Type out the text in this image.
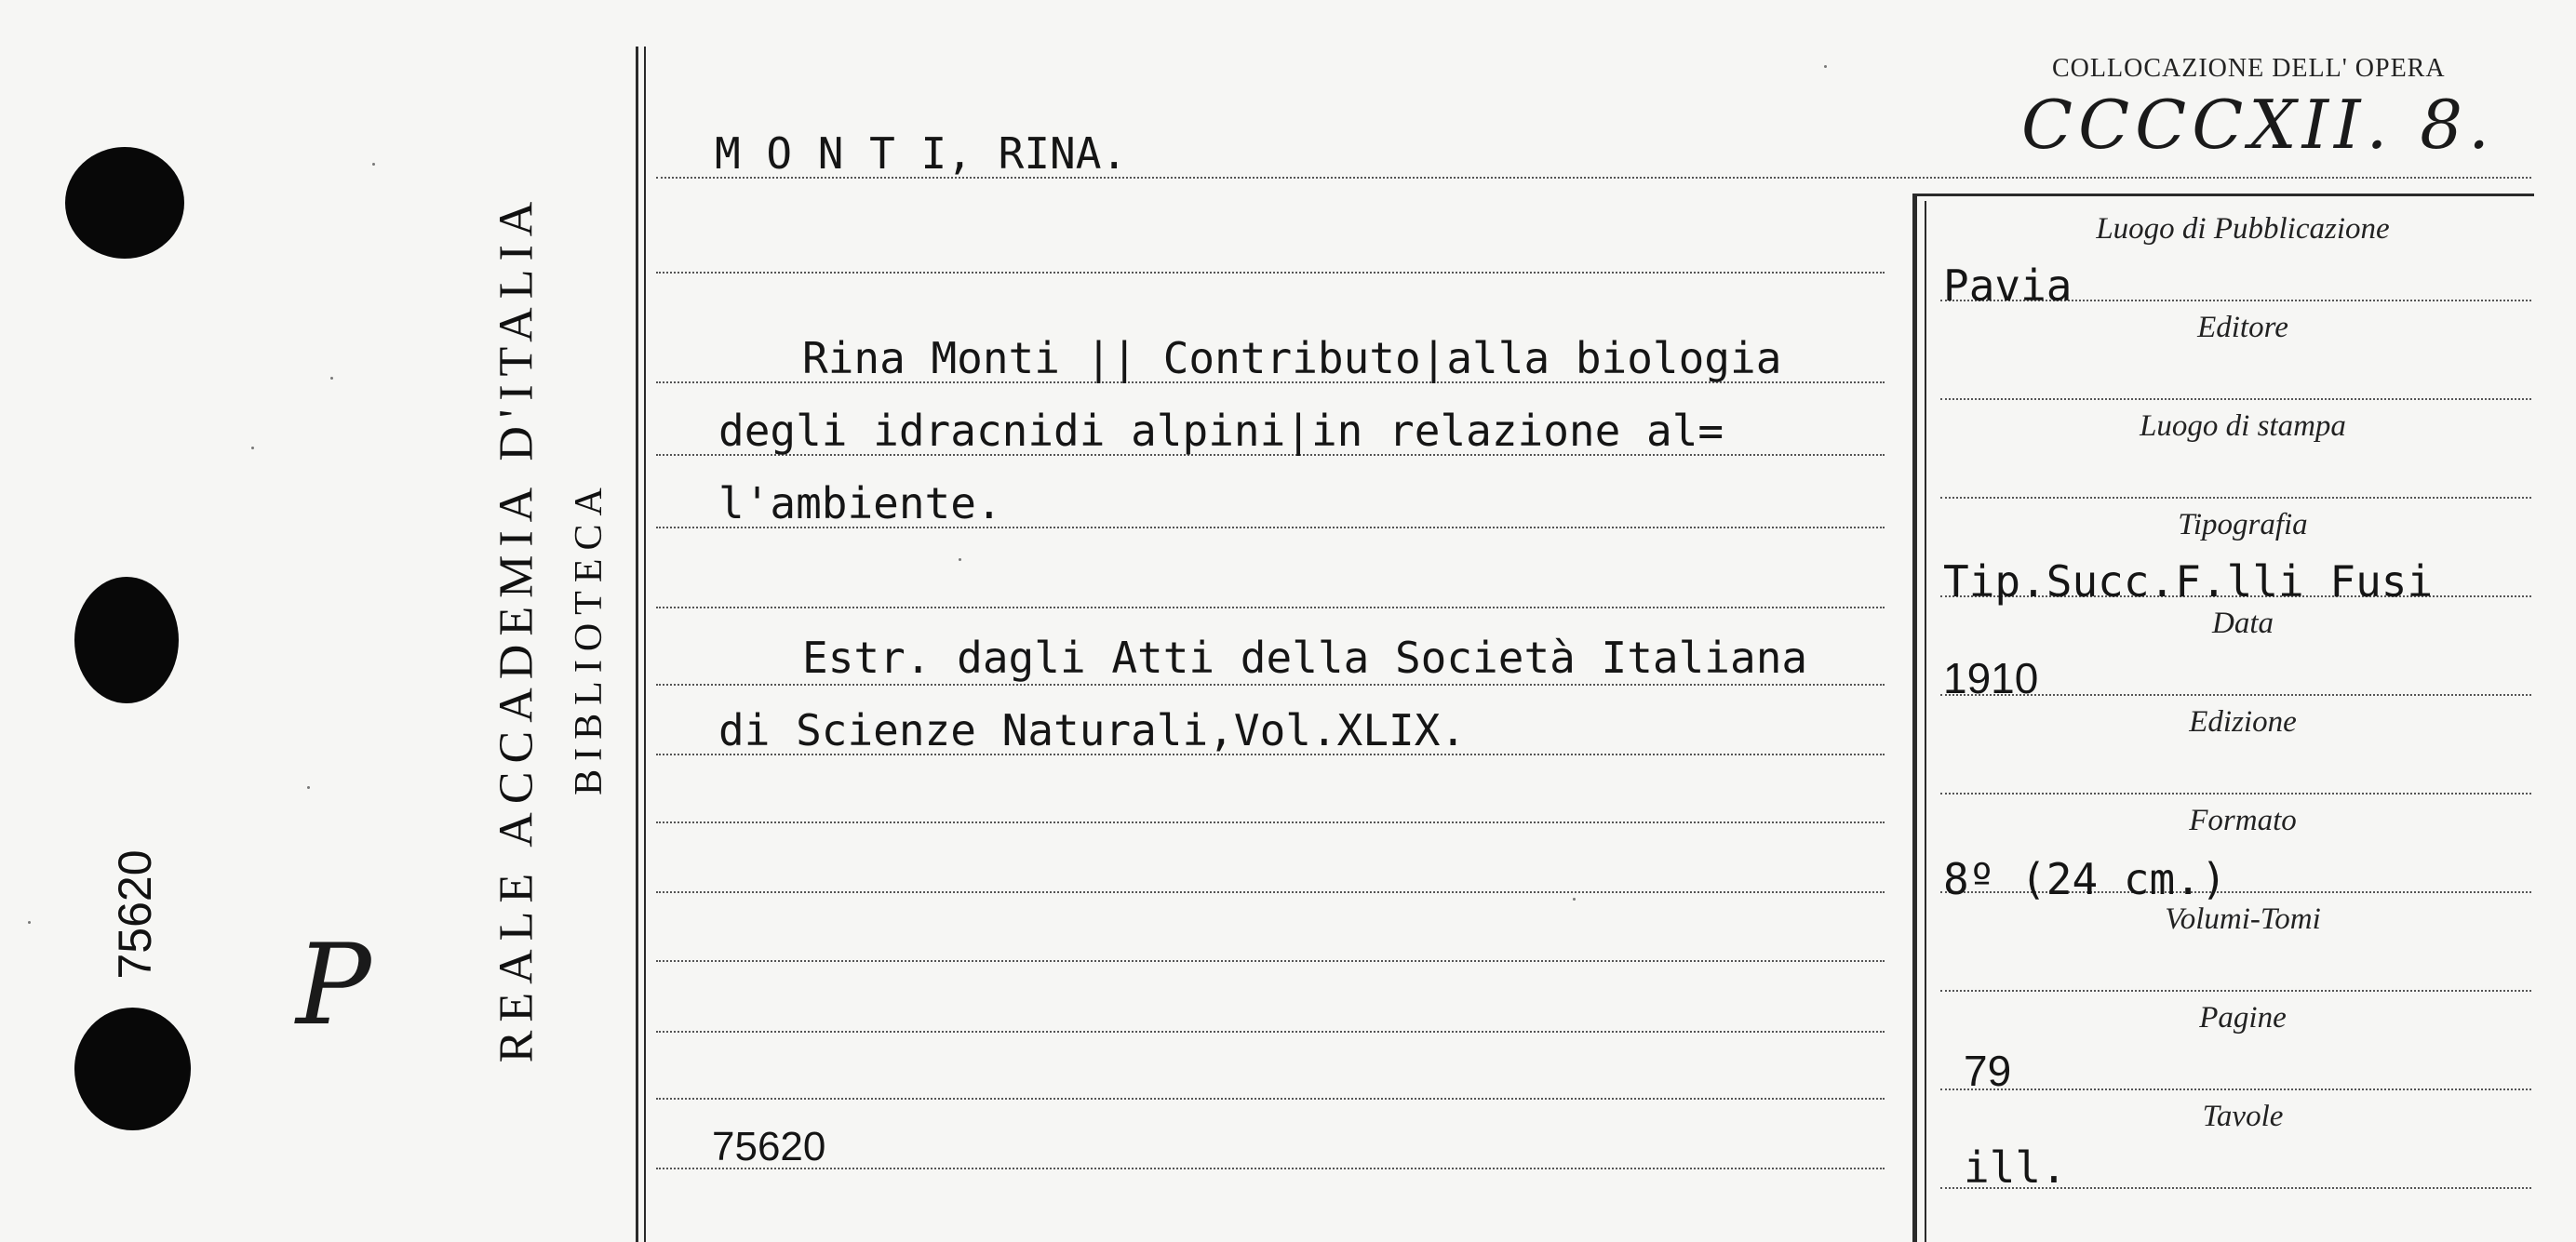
75620
P REALE ACCADEMIA D'ITALIA BIBLIOTECA
COLLOCAZIONE DELL' OPERA
CCCCXII. 8.
M O N T I, RINA.
Rina Monti || Contributo|alla biologia
degli idracnidi alpini|in relazione al=
l'ambiente.
Estr. dagli Atti della Società Italiana
di Scienze Naturali,Vol.XLIX.
75620
Luogo di Pubblicazione
Editore
Luogo di stampa
Tipografia
Data
Edizione
Formato
Volumi-Tomi
Pagine
Tavole
Pavia
Tip.Succ.F.lli Fusi
1910
8º (24 cm.)
79
ill.
